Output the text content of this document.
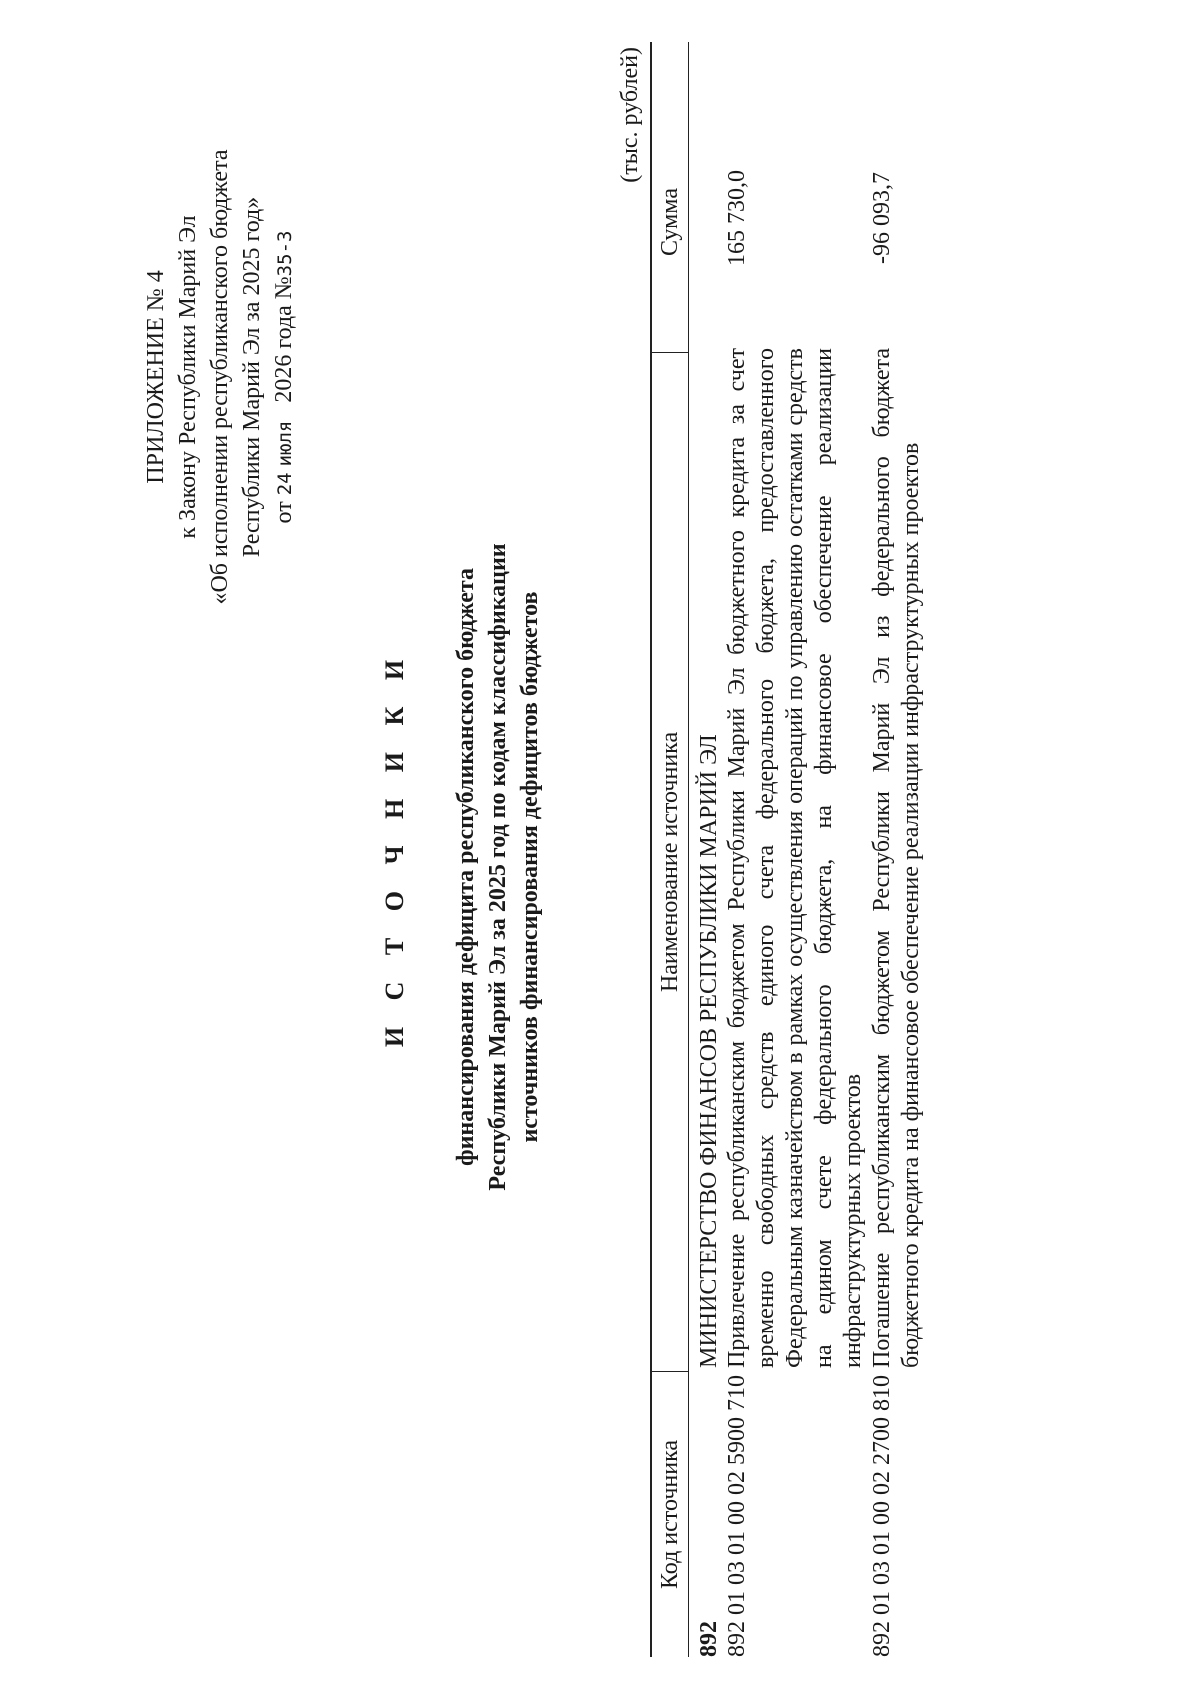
ПРИЛОЖЕНИЕ № 4 к Закону Республики Марий Эл «Об исполнении республиканского бюджета Республики Марий Эл за 2025 год» от 24 июля   2026 года №35-З
И С Т О Ч Н И К И финансирования дефицита республиканского бюджета Республики Марий Эл за 2025 год по кодам классификации источников финансирования дефицитов бюджетов
(тыс. рублей)
Код источника
Наименование источника
Сумма
892
МИНИСТЕРСТВО ФИНАНСОВ РЕСПУБЛИКИ МАРИЙ ЭЛ
892 01 03 01 00 02 5900 710
Привлечение республиканским бюджетом Республики Марий Эл бюджетного кредита за счет временно свободных средств единого счета федерального бюджета, предоставленного Федеральным казначейством в рамках осуществления операций по управлению остатками средств на едином счете федерального бюджета, на финансовое обеспечение реализации инфраструктурных проектов
165 730,0
892 01 03 01 00 02 2700 810
Погашение республиканским бюджетом Республики Марий Эл из федерального бюджета бюджетного кредита на финансовое обеспечение реализации инфраструктурных проектов
-96 093,7
